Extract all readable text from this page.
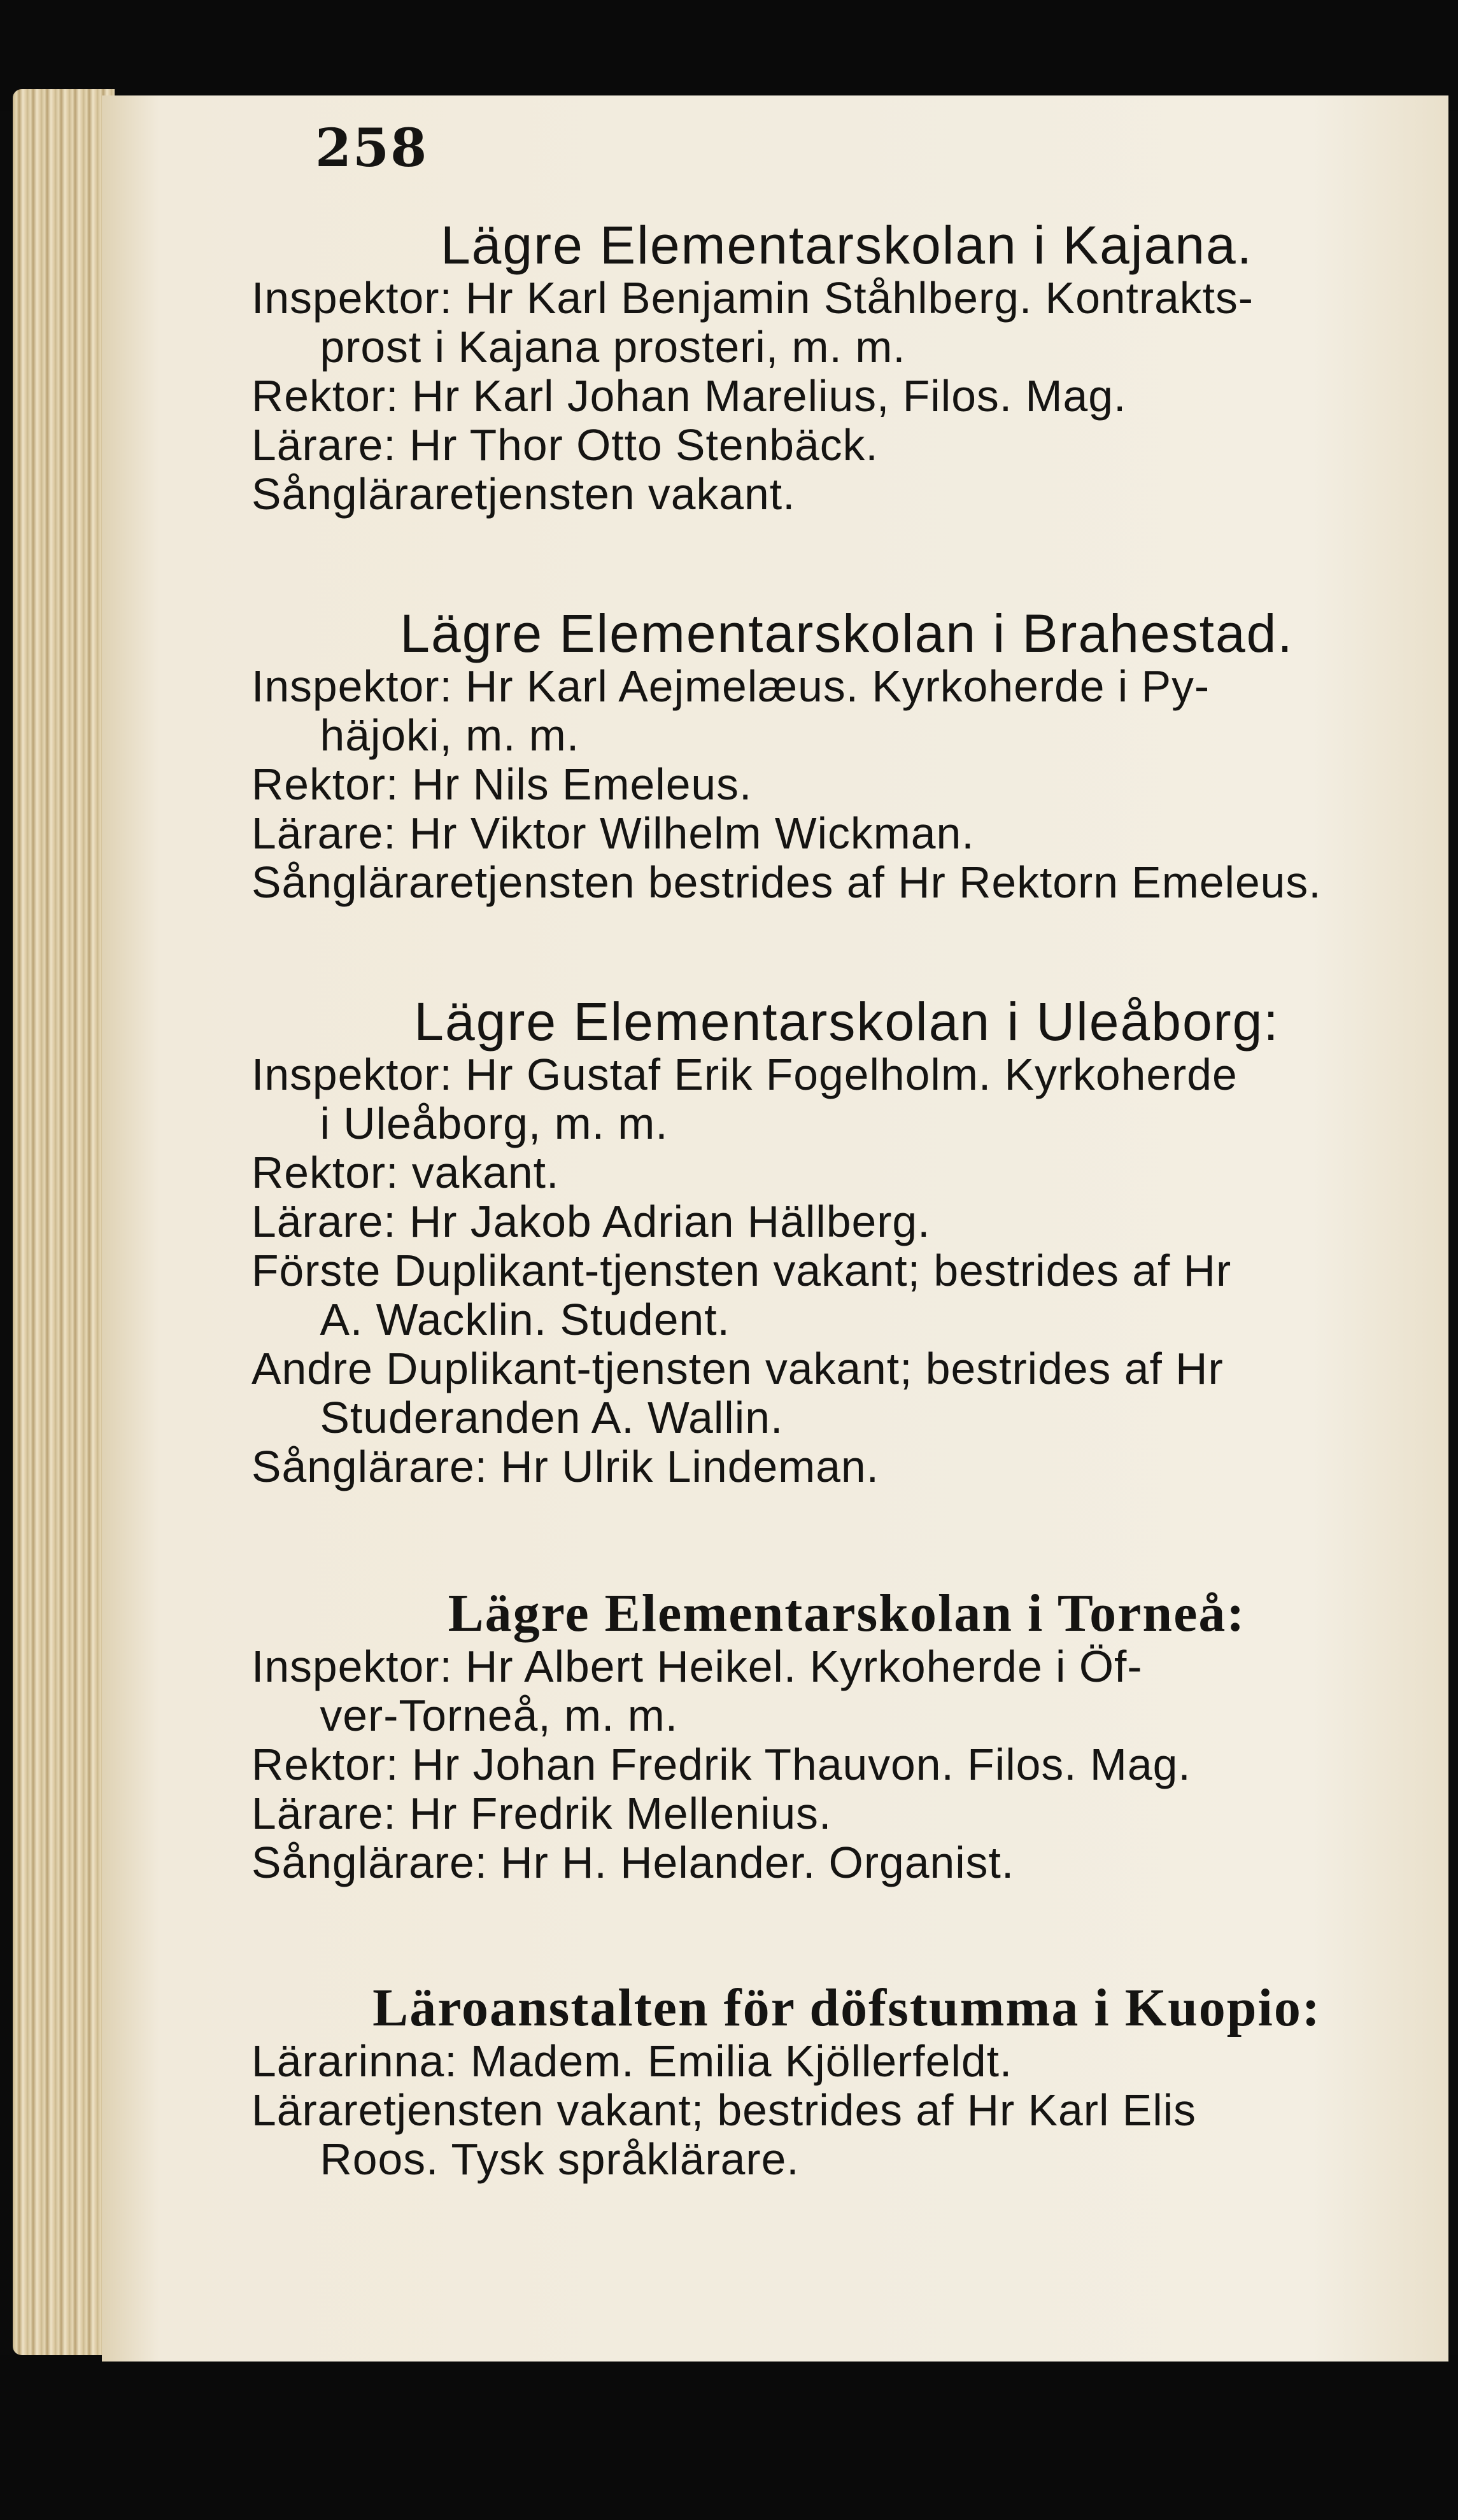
258
Lägre Elementarskolan i Kajana.
Inspektor: Hr Karl Benjamin Ståhlberg. Kontrakts-
prost i Kajana prosteri, m. m.
Rektor: Hr Karl Johan Marelius, Filos. Mag.
Lärare: Hr Thor Otto Stenbäck.
Sångläraretjensten vakant.
Lägre Elementarskolan i Brahestad.
Inspektor: Hr Karl Aejmelæus. Kyrkoherde i Py-
häjoki, m. m.
Rektor: Hr Nils Emeleus.
Lärare: Hr Viktor Wilhelm Wickman.
Sångläraretjensten bestrides af Hr Rektorn Emeleus.
Lägre Elementarskolan i Uleåborg:
Inspektor: Hr Gustaf Erik Fogelholm. Kyrkoherde
i Uleåborg, m. m.
Rektor: vakant.
Lärare: Hr Jakob Adrian Hällberg.
Förste Duplikant-tjensten vakant; bestrides af Hr
A. Wacklin. Student.
Andre Duplikant-tjensten vakant; bestrides af Hr
Studeranden A. Wallin.
Sånglärare: Hr Ulrik Lindeman.
Lägre Elementarskolan i Torneå:
Inspektor: Hr Albert Heikel. Kyrkoherde i Öf-
ver-Torneå, m. m.
Rektor: Hr Johan Fredrik Thauvon. Filos. Mag.
Lärare: Hr Fredrik Mellenius.
Sånglärare: Hr H. Helander. Organist.
Läroanstalten för döfstumma i Kuopio:
Lärarinna: Madem. Emilia Kjöllerfeldt.
Läraretjensten vakant; bestrides af Hr Karl Elis
Roos. Tysk språklärare.
